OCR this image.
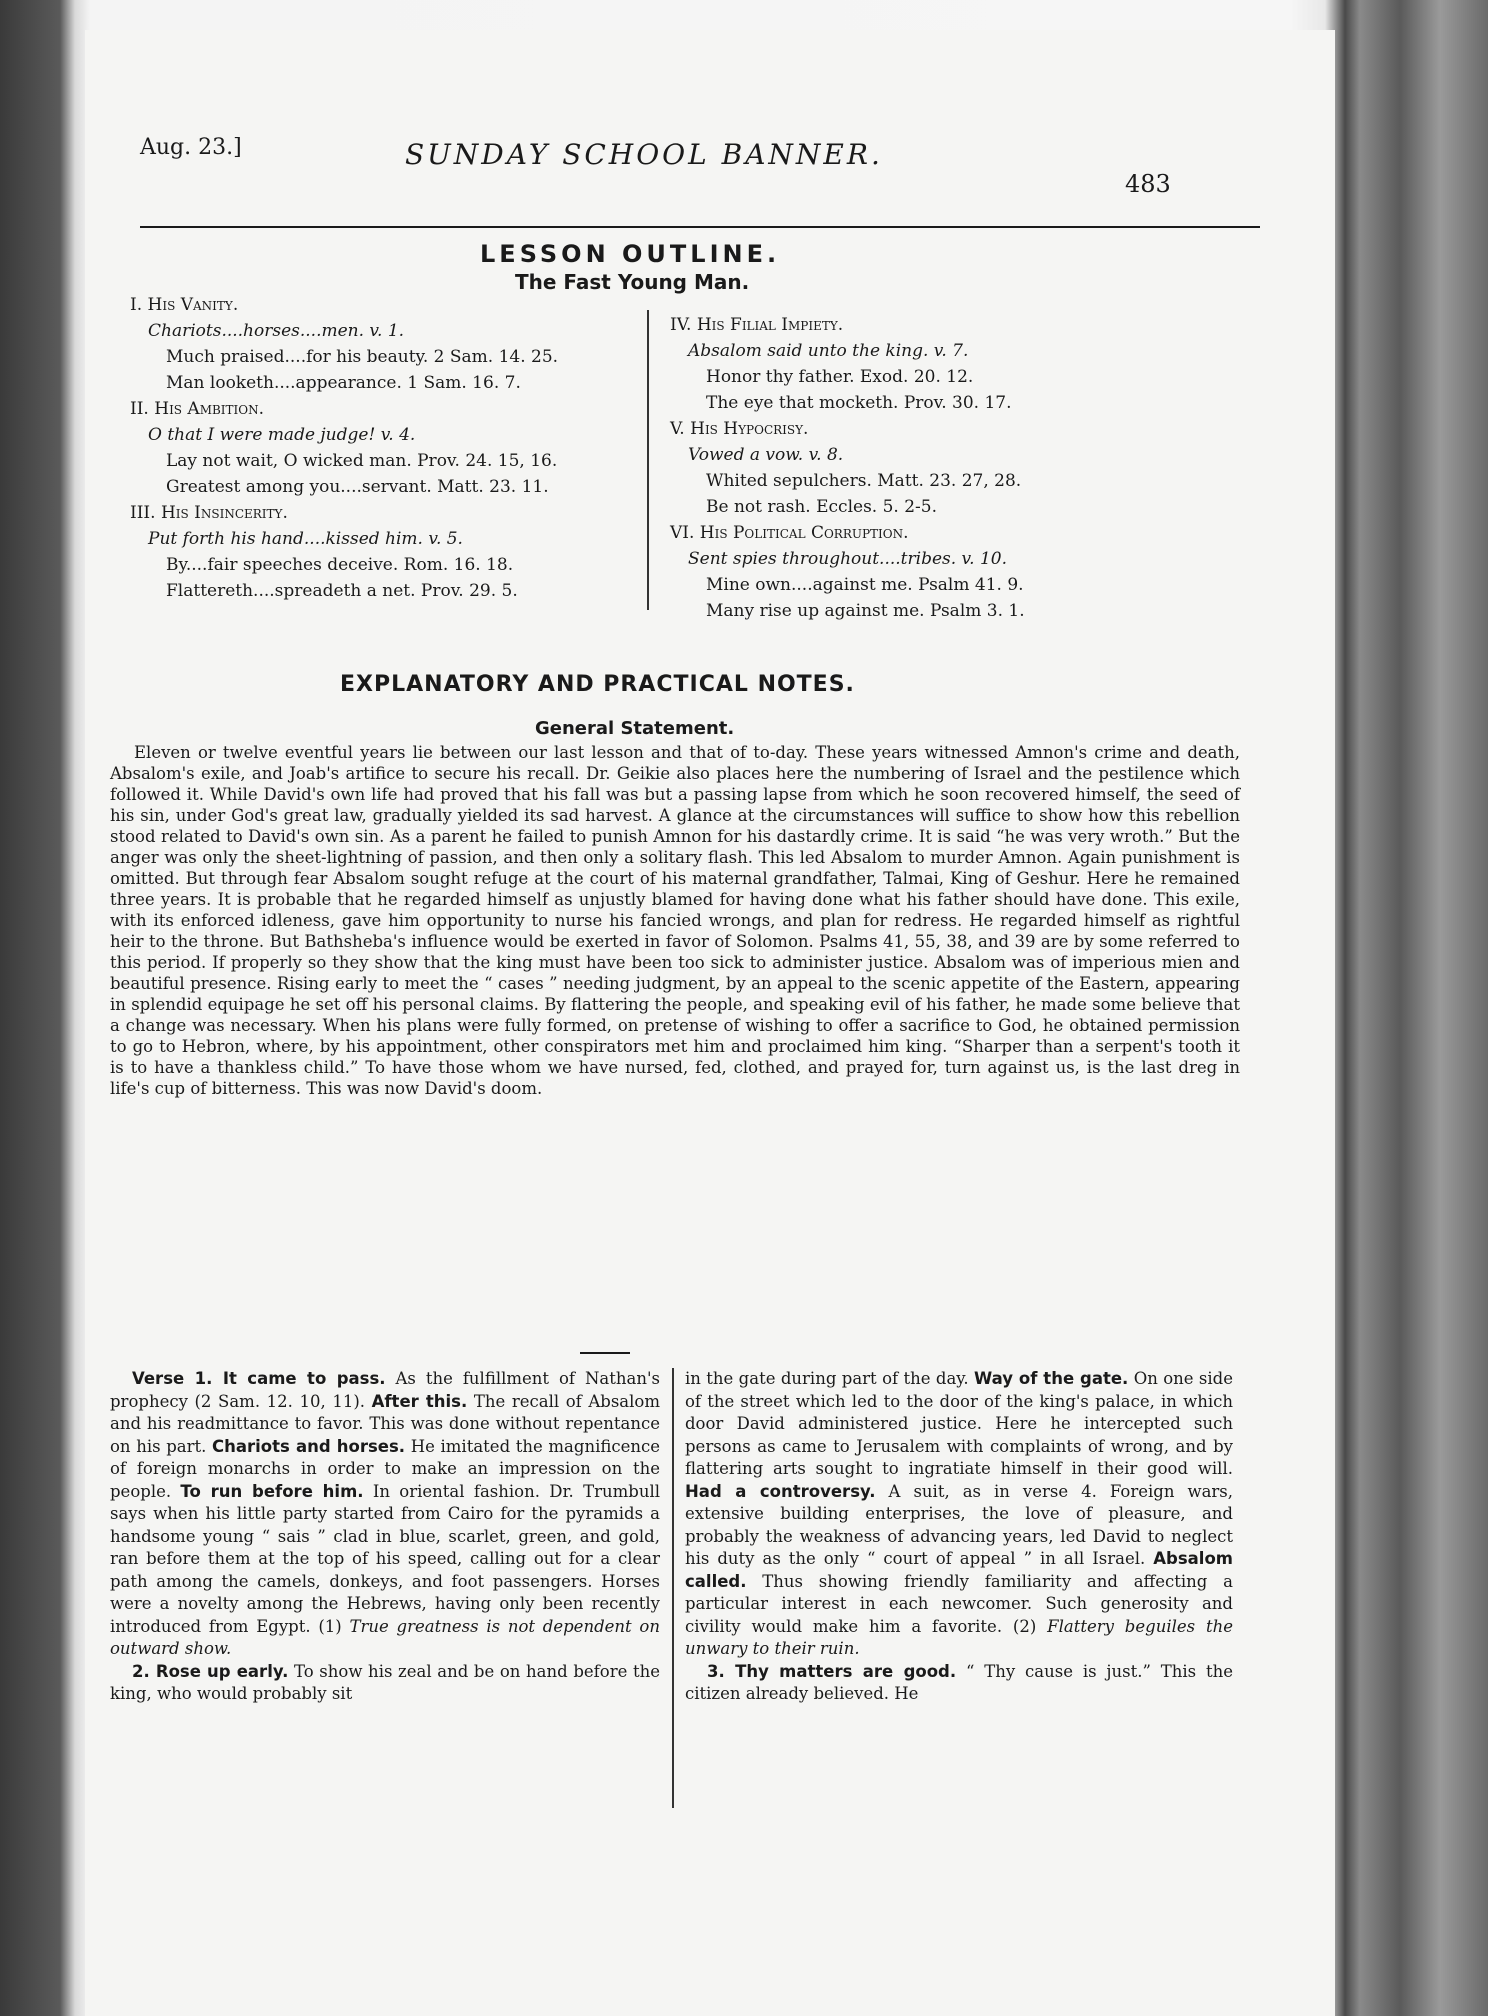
Aug. 23.]	SUNDAY SCHOOL BANNER.
483
LESSON OUTLINE.
The Fast Young Man.
I. His Vanity.
Chariots....horses....men. v. 1.
Much praised....for his beauty. 2 Sam. 14. 25.
Man looketh....appearance. 1 Sam. 16. 7.
II. His Ambition.
O that I were made judge! v. 4.
Lay not wait, O wicked man. Prov. 24. 15, 16.
Greatest among you....servant. Matt. 23. 11.
III. His Insincerity.
Put forth his hand....kissed him. v. 5.
By....fair speeches deceive. Rom. 16. 18.
Flattereth....spreadeth a net. Prov. 29. 5.
IV. His Filial Impiety.
Absalom said unto the king. v. 7.
Honor thy father. Exod. 20. 12.
The eye that mocketh. Prov. 30. 17.
V. His Hypocrisy.
Vowed a vow. v. 8.
Whited sepulchers. Matt. 23. 27, 28.
Be not rash. Eccles. 5. 2-5.
VI. His Political Corruption.
Sent spies throughout....tribes. v. 10.
Mine own....against me. Psalm 41. 9.
Many rise up against me. Psalm 3. 1.
EXPLANATORY AND PRACTICAL NOTES.
General Statement.
Eleven or twelve eventful years lie between our last lesson and that of to-day. These years witnessed Amnon's crime and death, Absalom's exile, and Joab's artifice to secure his recall. Dr. Geikie also places here the numbering of Israel and the pestilence which followed it. While David's own life had proved that his fall was but a passing lapse from which he soon recovered himself, the seed of his sin, under God's great law, gradually yielded its sad harvest. A glance at the circumstances will suffice to show how this rebellion stood related to David's own sin. As a parent he failed to punish Amnon for his dastardly crime. It is said “he was very wroth.” But the anger was only the sheet-lightning of passion, and then only a solitary flash. This led Absalom to murder Amnon. Again punishment is omitted. But through fear Absalom sought refuge at the court of his maternal grandfather, Talmai, King of Geshur. Here he remained three years. It is probable that he regarded himself as unjustly blamed for having done what his father should have done. This exile, with its enforced idleness, gave him opportunity to nurse his fancied wrongs, and plan for redress. He regarded himself as rightful heir to the throne. But Bathsheba's influence would be exerted in favor of Solomon. Psalms 41, 55, 38, and 39 are by some referred to this period. If properly so they show that the king must have been too sick to administer justice. Absalom was of imperious mien and beautiful presence. Rising early to meet the “ cases ” needing judgment, by an appeal to the scenic appetite of the Eastern, appearing in splendid equipage he set off his personal claims. By flattering the people, and speaking evil of his father, he made some believe that a change was necessary. When his plans were fully formed, on pretense of wishing to offer a sacrifice to God, he obtained permission to go to Hebron, where, by his appointment, other conspirators met him and proclaimed him king. “Sharper than a serpent's tooth it is to have a thankless child.” To have those whom we have nursed, fed, clothed, and prayed for, turn against us, is the last dreg in life's cup of bitterness. This was now David's doom.

Verse 1. It came to pass. As the fulfillment of Nathan's prophecy (2 Sam. 12. 10, 11). After this. The recall of Absalom and his readmittance to favor. This was done without repentance on his part. Chariots and horses. He imitated the magnificence of foreign monarchs in order to make an impression on the people. To run before him. In oriental fashion. Dr. Trumbull says when his little party started from Cairo for the pyramids a handsome young “ sais ” clad in blue, scarlet, green, and gold, ran before them at the top of his speed, calling out for a clear path among the camels, donkeys, and foot passengers. Horses were a novelty among the Hebrews, having only been recently introduced from Egypt. (1) True greatness is not dependent on outward show.

2. Rose up early. To show his zeal and be on hand before the king, who would probably sit

in the gate during part of the day. Way of the gate. On one side of the street which led to the door of the king's palace, in which door David administered justice. Here he intercepted such persons as came to Jerusalem with complaints of wrong, and by flattering arts sought to ingratiate himself in their good will. Had a controversy. A suit, as in verse 4. Foreign wars, extensive building enterprises, the love of pleasure, and probably the weakness of advancing years, led David to neglect his duty as the only “ court of appeal ” in all Israel. Absalom called. Thus showing friendly familiarity and affecting a particular interest in each newcomer. Such generosity and civility would make him a favorite. (2) Flattery beguiles the unwary to their ruin.

3. Thy matters are good. “ Thy cause is just.” This the citizen already believed. He
